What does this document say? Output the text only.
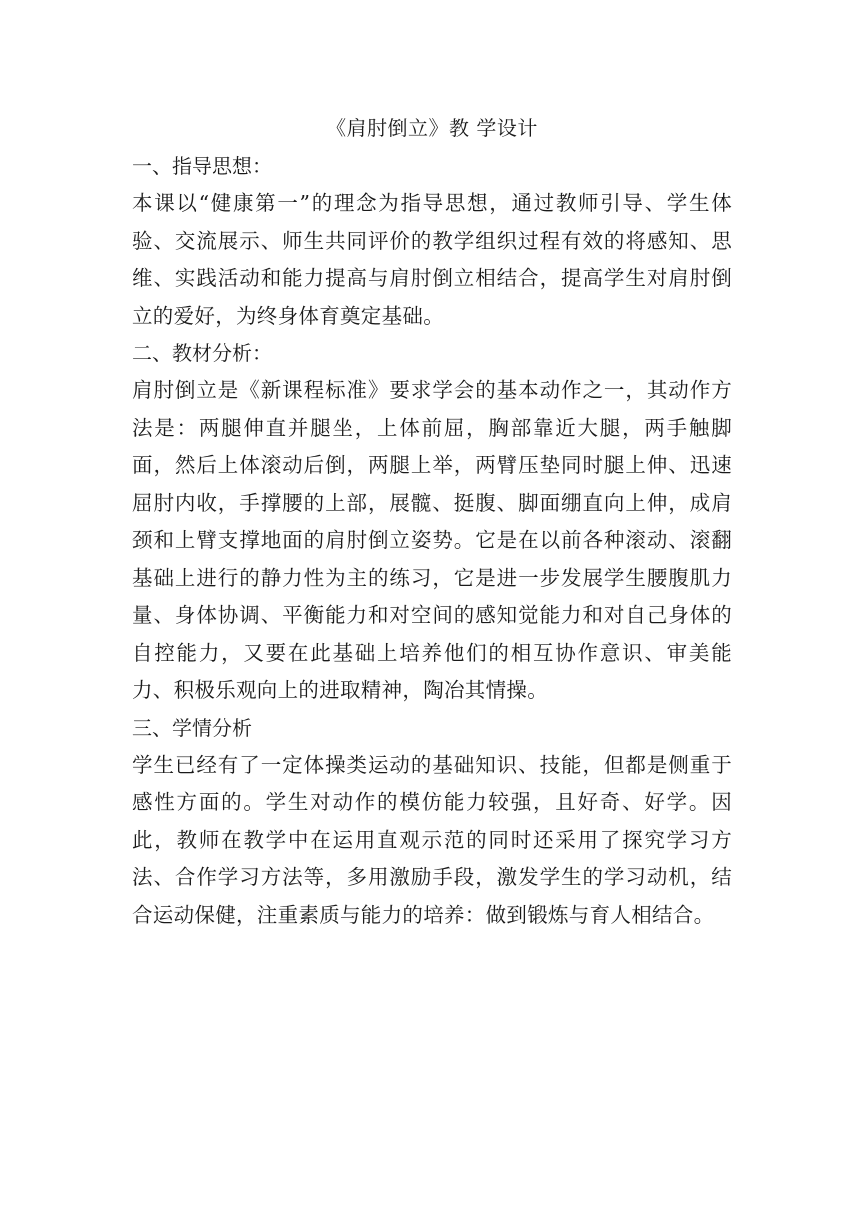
《肩肘倒立》教 学设计

一、指导思想：

本课以“健康第一”的理念为指导思想，通过教师引导、学生体验、交流展示、师生共同评价的教学组织过程有效的将感知、思维、实践活动和能力提高与肩肘倒立相结合，提高学生对肩肘倒立的爱好，为终身体育奠定基础。

二、教材分析：

肩肘倒立是《新课程标准》要求学会的基本动作之一，其动作方法是：两腿伸直并腿坐，上体前屈，胸部靠近大腿，两手触脚面，然后上体滚动后倒，两腿上举，两臂压垫同时腿上伸、迅速屈肘内收，手撑腰的上部，展髋、挺腹、脚面绷直向上伸，成肩颈和上臂支撑地面的肩肘倒立姿势。它是在以前各种滚动、滚翻基础上进行的静力性为主的练习，它是进一步发展学生腰腹肌力量、身体协调、平衡能力和对空间的感知觉能力和对自己身体的自控能力，又要在此基础上培养他们的相互协作意识、审美能力、积极乐观向上的进取精神，陶冶其情操。

三、学情分析

学生已经有了一定体操类运动的基础知识、技能，但都是侧重于感性方面的。学生对动作的模仿能力较强，且好奇、好学。因此，教师在教学中在运用直观示范的同时还采用了探究学习方法、合作学习方法等，多用激励手段，激发学生的学习动机，结合运动保健，注重素质与能力的培养：做到锻炼与育人相结合。
